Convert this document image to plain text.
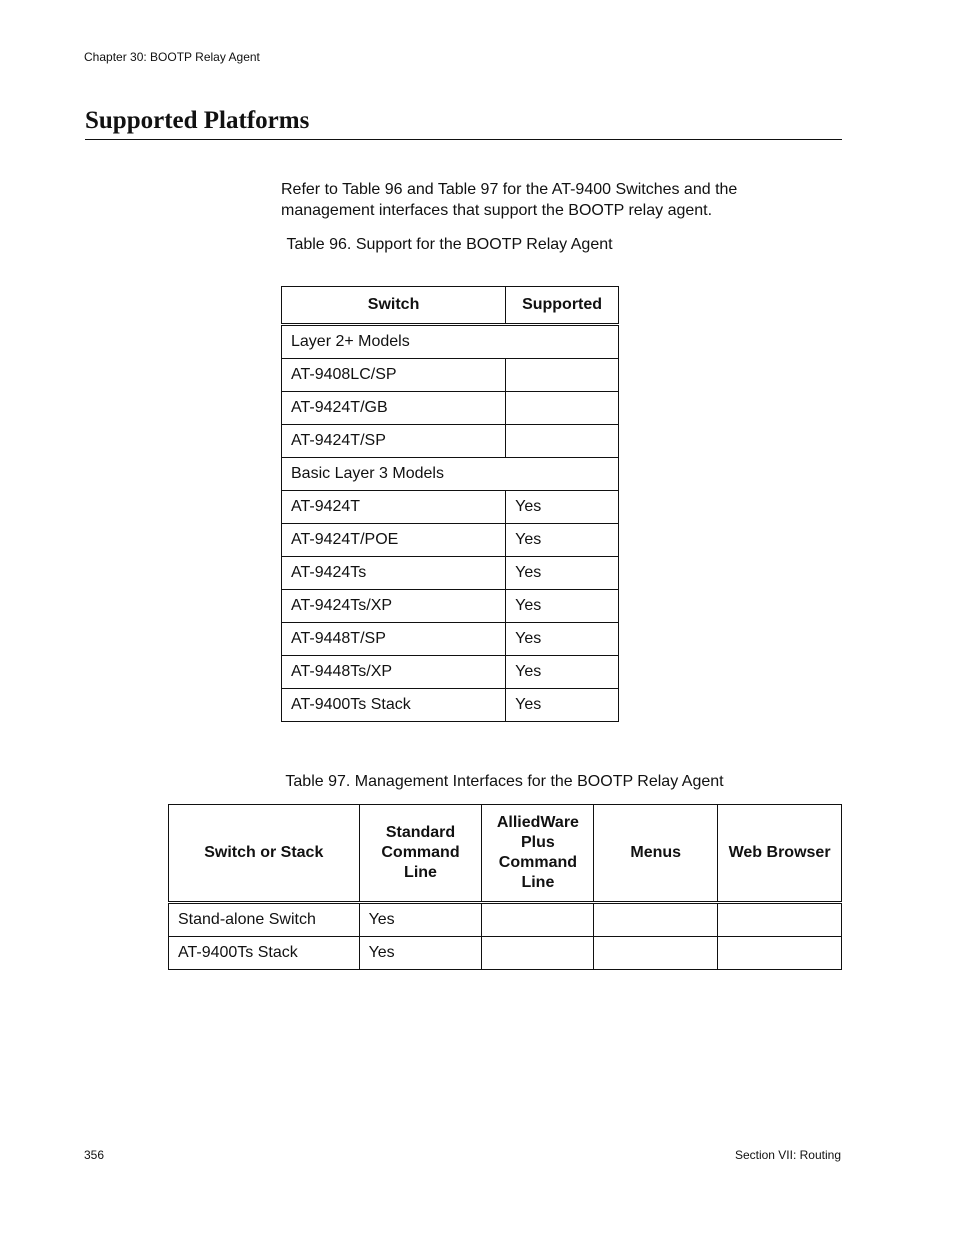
Chapter 30: BOOTP Relay Agent
Supported Platforms

Refer to Table 96 and Table 97 for the AT-9400 Switches and the management interfaces that support the BOOTP relay agent.

Table 96. Support for the BOOTP Relay Agent
Switch	Supported
Layer 2+ Models	
AT-9408LC/SP	
AT-9424T/GB	
AT-9424T/SP	
Basic Layer 3 Models	
AT-9424T	Yes
AT-9424T/POE	Yes
AT-9424Ts	Yes
AT-9424Ts/XP	Yes
AT-9448T/SP	Yes
AT-9448Ts/XP	Yes
AT-9400Ts Stack	Yes
Table 97. Management Interfaces for the BOOTP Relay Agent
Switch or Stack	Standard Command Line	AlliedWare Plus Command Line	Menus	Web Browser
Stand-alone Switch	Yes			
AT-9400Ts Stack	Yes			
356	Section VII: Routing
